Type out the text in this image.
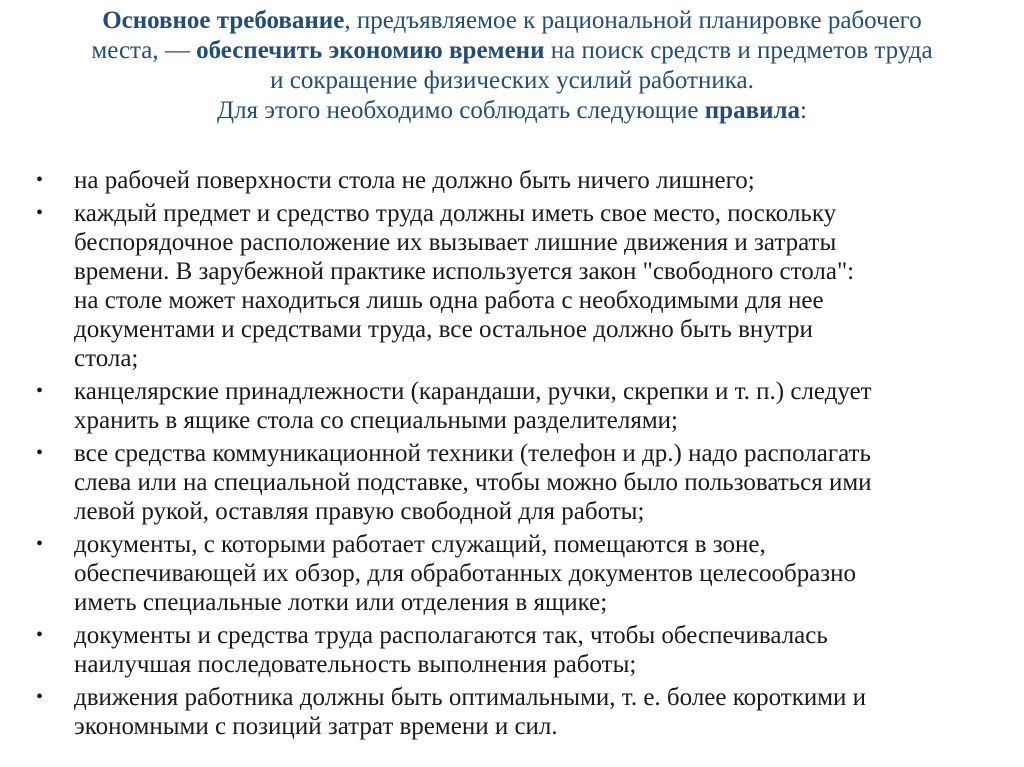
Основное требование, предъявляемое к рациональной планировке рабочего
места, — обеспечить экономию времени на поиск средств и предметов труда
и сокращение физических усилий работника.
Для этого необходимо соблюдать следующие правила:
•	на рабочей поверхности стола не должно быть ничего лишнего;
•	каждый предмет и средство труда должны иметь свое место, поскольку
беспорядочное расположение их вызывает лишние движения и затраты
времени. В зарубежной практике используется закон "свободного стола":
на столе может находиться лишь одна работа с необходимыми для нее
документами и средствами труда, все остальное должно быть внутри
стола;
•	канцелярские принадлежности (карандаши, ручки, скрепки и т. п.) следует
хранить в ящике стола со специальными разделителями;
•	все средства коммуникационной техники (телефон и др.) надо располагать
слева или на специальной подставке, чтобы можно было пользоваться ими
левой рукой, оставляя правую свободной для работы;
•	документы, с которыми работает служащий, помещаются в зоне,
обеспечивающей их обзор, для обработанных документов целесообразно
иметь специальные лотки или отделения в ящике;
•	документы и средства труда располагаются так, чтобы обеспечивалась
наилучшая последовательность выполнения работы;
•	движения работника должны быть оптимальными, т. е. более короткими и
экономными с позиций затрат времени и сил.
